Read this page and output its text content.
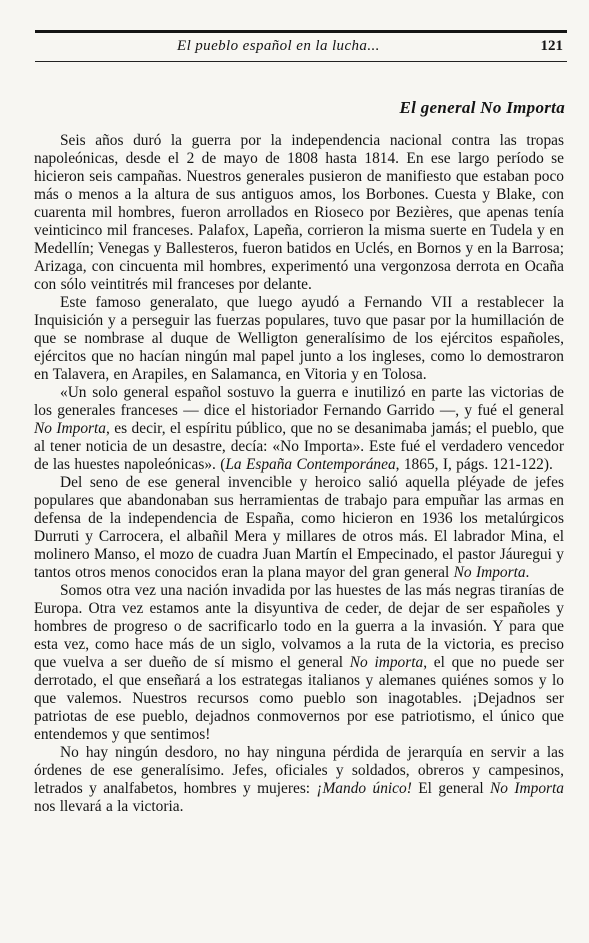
El pueblo español en la lucha...	121
El general No Importa

Seis años duró la guerra por la independencia nacional contra las tropas napoleónicas, desde el 2 de mayo de 1808 hasta 1814. En ese largo período se hicieron seis campañas. Nuestros generales pusieron de manifiesto que estaban poco más o menos a la altura de sus antiguos amos, los Borbones. Cuesta y Blake, con cuarenta mil hombres, fueron arrollados en Rioseco por Bezières, que apenas tenía veinticinco mil franceses. Palafox, Lapeña, corrieron la misma suerte en Tudela y en Medellín; Venegas y Ballesteros, fueron batidos en Uclés, en Bornos y en la Barrosa; Arizaga, con cincuenta mil hombres, experimentó una vergonzosa derrota en Ocaña con sólo veintitrés mil franceses por delante.

Este famoso generalato, que luego ayudó a Fernando VII a restablecer la Inquisición y a perseguir las fuerzas populares, tuvo que pasar por la humillación de que se nombrase al duque de Welligton generalísimo de los ejércitos españoles, ejércitos que no hacían ningún mal papel junto a los ingleses, como lo demostraron en Talavera, en Arapiles, en Salamanca, en Vitoria y en Tolosa.

«Un solo general español sostuvo la guerra e inutilizó en parte las victorias de los generales franceses — dice el historiador Fernando Garrido —, y fué el general No Importa, es decir, el espíritu público, que no se desanimaba jamás; el pueblo, que al tener noticia de un desastre, decía: «No Importa». Este fué el verdadero vencedor de las huestes napoleónicas». (La España Contemporánea, 1865, I, págs. 121-122).

Del seno de ese general invencible y heroico salió aquella pléyade de jefes populares que abandonaban sus herramientas de trabajo para empuñar las armas en defensa de la independencia de España, como hicieron en 1936 los metalúrgicos Durruti y Carrocera, el albañil Mera y millares de otros más. El labrador Mina, el molinero Manso, el mozo de cuadra Juan Martín el Empecinado, el pastor Jáuregui y tantos otros menos conocidos eran la plana mayor del gran general No Importa.

Somos otra vez una nación invadida por las huestes de las más negras tiranías de Europa. Otra vez estamos ante la disyuntiva de ceder, de dejar de ser españoles y hombres de progreso o de sacrificarlo todo en la guerra a la invasión. Y para que esta vez, como hace más de un siglo, volvamos a la ruta de la victoria, es preciso que vuelva a ser dueño de sí mismo el general No importa, el que no puede ser derrotado, el que enseñará a los estrategas italianos y alemanes quiénes somos y lo que valemos. Nuestros recursos como pueblo son inagotables. ¡Dejadnos ser patriotas de ese pueblo, dejadnos conmovernos por ese patriotismo, el único que entendemos y que sentimos!

No hay ningún desdoro, no hay ninguna pérdida de jerarquía en servir a las órdenes de ese generalísimo. Jefes, oficiales y soldados, obreros y campesinos, letrados y analfabetos, hombres y mujeres: ¡Mando único! El general No Importa nos llevará a la victoria.
